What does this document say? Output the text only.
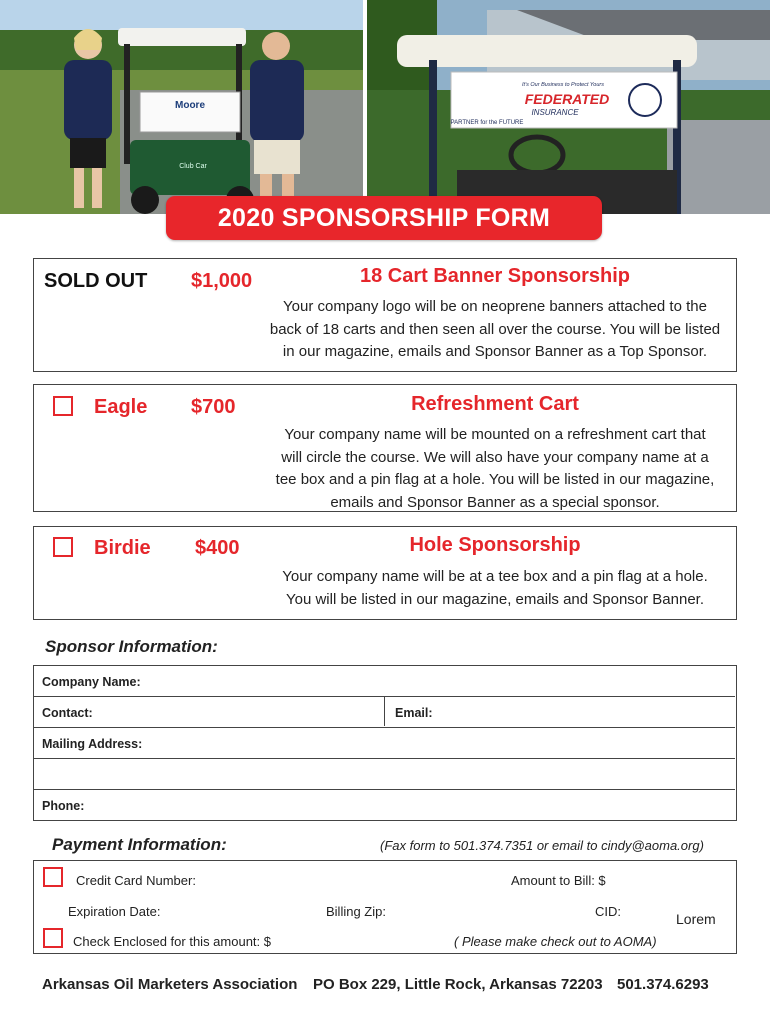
Moore
Club Car
It's Our Business to Protect Yours
FEDERATED
INSURANCE
PARTNER for the FUTURE
2020 SPONSORSHIP FORM
SOLD OUT $1,000	18 Cart Banner Sponsorship
Your company logo will be on neoprene banners attached to the
back of 18 carts and then seen all over the course. You will be listed
in our magazine, emails and Sponsor Banner as a Top Sponsor.
Eagle $700	Refreshment Cart
Your company name will be mounted on a refreshment cart that
will circle the course. We will also have your company name at a
tee box and a pin flag at a hole. You will be listed in our magazine,
emails and Sponsor Banner as a special sponsor.
Birdie $400	Hole Sponsorship
Your company name will be at a tee box and a pin flag at a hole.
You will be listed in our magazine, emails and Sponsor Banner.
Sponsor Information:
Company Name:
Contact:	Email:
Mailing Address:
Phone:
Payment Information:	(Fax form to 501.374.7351 or email to cindy@aoma.org)
Credit Card Number:	Amount to Bill: $
Expiration Date:	Billing Zip:	CID:	Lorem
Check Enclosed for this amount: $	( Please make check out to AOMA)
Arkansas Oil Marketers Association PO Box 229, Little Rock, Arkansas 72203 501.374.6293
